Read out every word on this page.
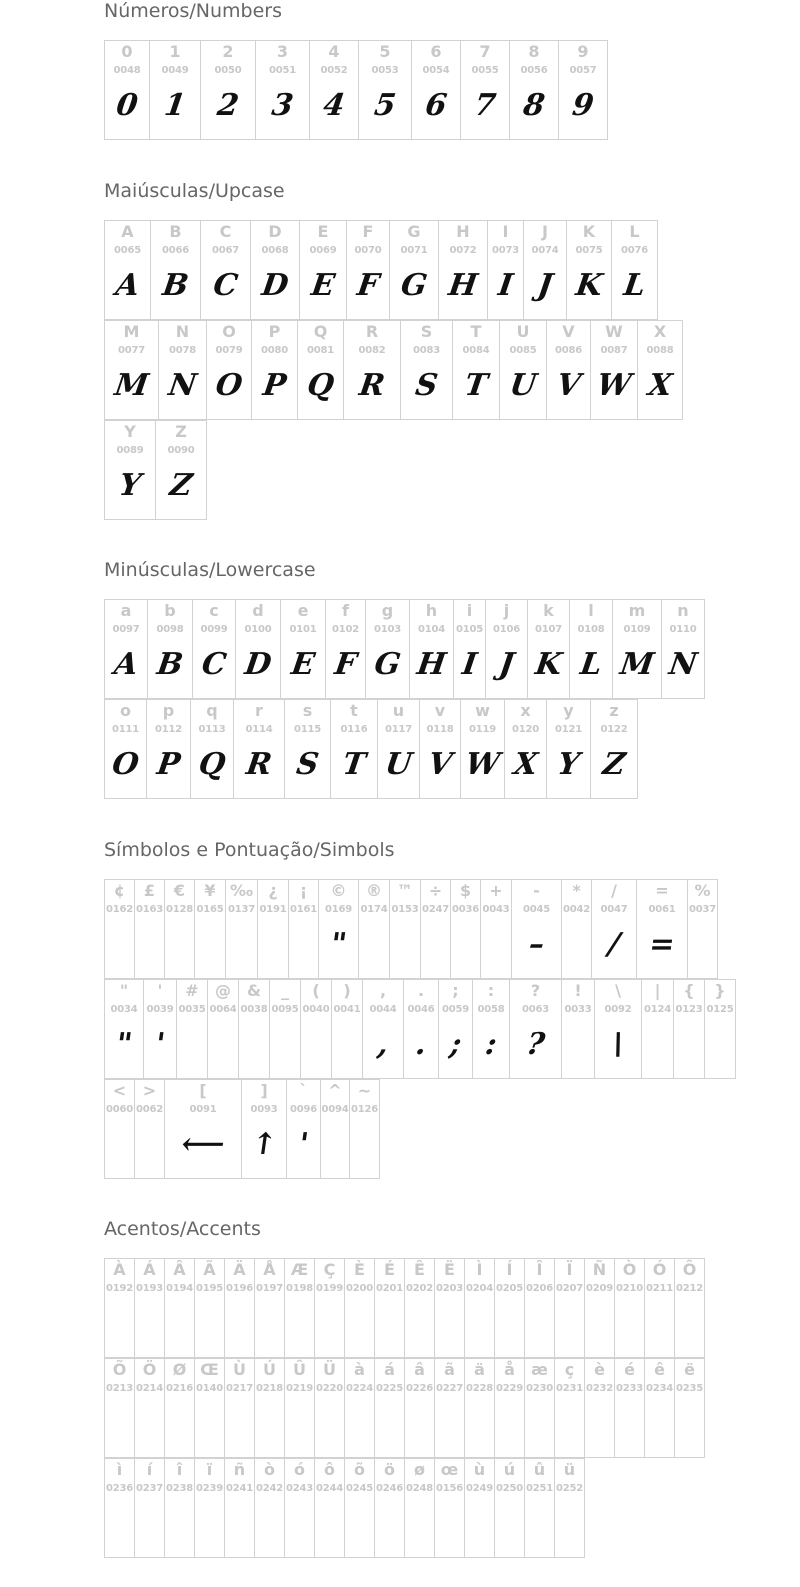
Números/Numbers
0
0048
0
1
0049
1
2
0050
2
3
0051
3
4
0052
4
5
0053
5
6
0054
6
7
0055
7
8
0056
8
9
0057
9
Maiúsculas/Upcase
A
0065
A
B
0066
B
C
0067
C
D
0068
D
E
0069
E
F
0070
F
G
0071
G
H
0072
H
I
0073
I
J
0074
J
K
0075
K
L
0076
L
M
0077
M
N
0078
N
O
0079
O
P
0080
P
Q
0081
Q
R
0082
R
S
0083
S
T
0084
T
U
0085
U
V
0086
V
W
0087
W
X
0088
X
Y
0089
Y
Z
0090
Z
Minúsculas/Lowercase
a
0097
A
b
0098
B
c
0099
C
d
0100
D
e
0101
E
f
0102
F
g
0103
G
h
0104
H
i
0105
I
j
0106
J
k
0107
K
l
0108
L
m
0109
M
n
0110
N
o
0111
O
p
0112
P
q
0113
Q
r
0114
R
s
0115
S
t
0116
T
u
0117
U
v
0118
V
w
0119
W
x
0120
X
y
0121
Y
z
0122
Z
Símbolos e Pontuação/Simbols
¢
0162
£
0163
€
0128
¥
0165
‰
0137
¿
0191
¡
0161
©
0169
"
®
0174
™
0153
÷
0247
$
0036
+
0043
-
0045
–
*
0042
/
0047
/
=
0061
=
%
0037
"
0034
"
'
0039
'
#
0035
@
0064
&
0038
_
0095
(
0040
)
0041
,
0044
,
.
0046
.
;
0059
;
:
0058
:
?
0063
?
!
0033
\
0092
\
|
0124
{
0123
}
0125
<
0060
>
0062
[
0091
⟵
]
0093
↑
`
0096
'
^
0094
~
0126
Acentos/Accents
À
0192
Á
0193
Â
0194
Ã
0195
Ä
0196
Å
0197
Æ
0198
Ç
0199
È
0200
É
0201
Ê
0202
Ë
0203
Ì
0204
Í
0205
Î
0206
Ï
0207
Ñ
0209
Ò
0210
Ó
0211
Ô
0212
Õ
0213
Ö
0214
Ø
0216
Œ
0140
Ù
0217
Ú
0218
Û
0219
Ü
0220
à
0224
á
0225
â
0226
ã
0227
ä
0228
å
0229
æ
0230
ç
0231
è
0232
é
0233
ê
0234
ë
0235
ì
0236
í
0237
î
0238
ï
0239
ñ
0241
ò
0242
ó
0243
ô
0244
õ
0245
ö
0246
ø
0248
œ
0156
ù
0249
ú
0250
û
0251
ü
0252
